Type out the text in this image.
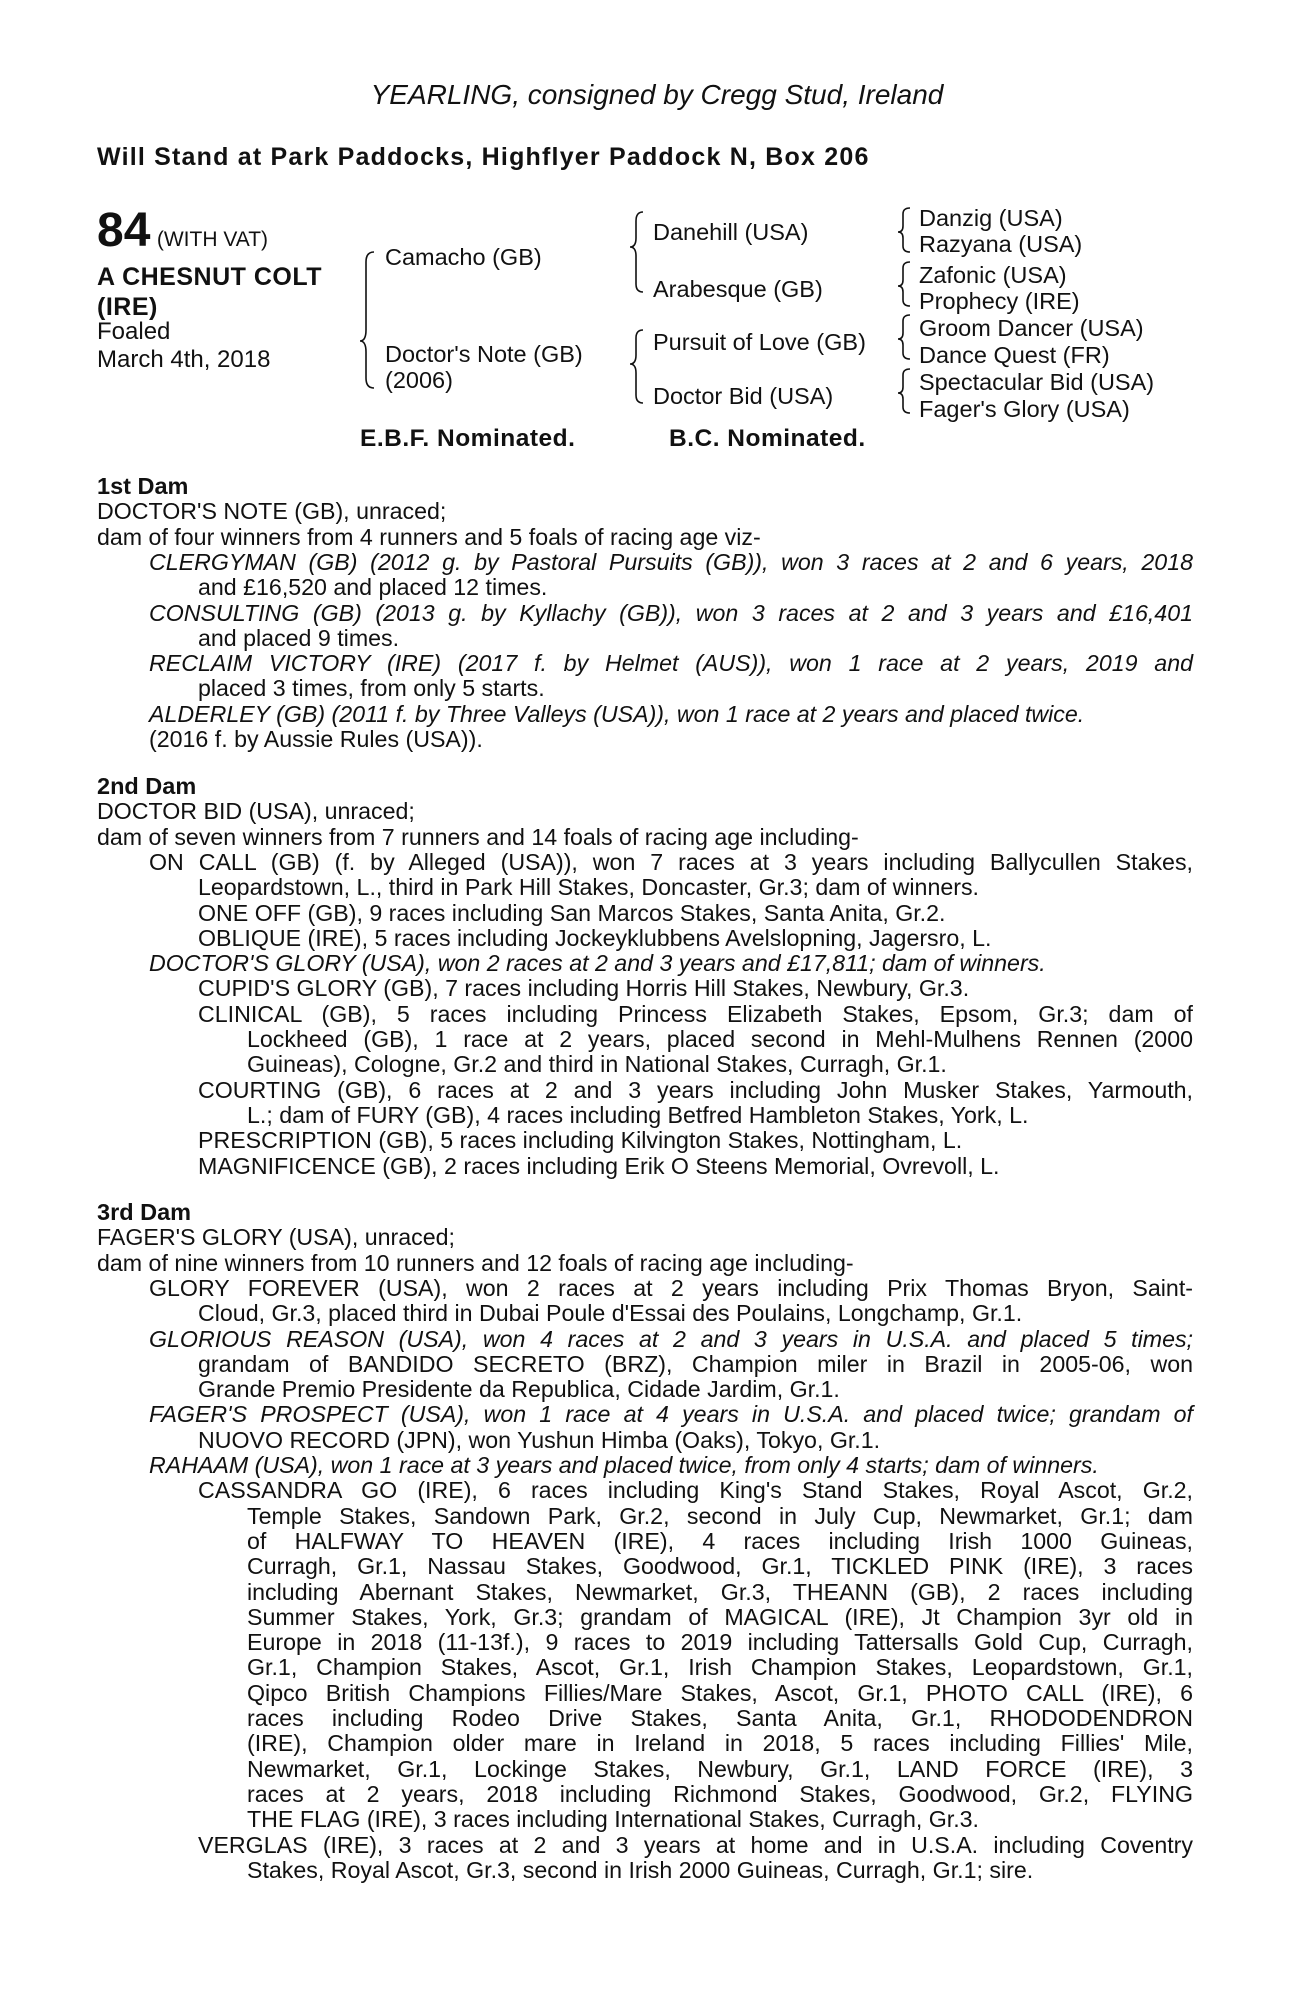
YEARLING, consigned by Cregg Stud, Ireland
Will Stand at Park Paddocks, Highflyer Paddock N, Box 206
84 (WITH VAT)
A CHESNUT COLT
(IRE)
Foaled
March 4th, 2018
Camacho (GB)
Doctor's Note (GB)
(2006)
Danehill (USA)
Arabesque (GB)
Pursuit of Love (GB)
Doctor Bid (USA)
Danzig (USA)
Razyana (USA)
Zafonic (USA)
Prophecy (IRE)
Groom Dancer (USA)
Dance Quest (FR)
Spectacular Bid (USA)
Fager's Glory (USA)
E.B.F. Nominated.	B.C. Nominated.
1st Dam
DOCTOR'S NOTE (GB), unraced;
dam of four winners from 4 runners and 5 foals of racing age viz-
CLERGYMAN (GB) (2012 g. by Pastoral Pursuits (GB)), won 3 races at 2 and 6 years, 2018
and £16,520 and placed 12 times.
CONSULTING (GB) (2013 g. by Kyllachy (GB)), won 3 races at 2 and 3 years and £16,401
and placed 9 times.
RECLAIM VICTORY (IRE) (2017 f. by Helmet (AUS)), won 1 race at 2 years, 2019 and
placed 3 times, from only 5 starts.
ALDERLEY (GB) (2011 f. by Three Valleys (USA)), won 1 race at 2 years and placed twice.
(2016 f. by Aussie Rules (USA)).
2nd Dam
DOCTOR BID (USA), unraced;
dam of seven winners from 7 runners and 14 foals of racing age including-
ON CALL (GB) (f. by Alleged (USA)), won 7 races at 3 years including Ballycullen Stakes,
Leopardstown, L., third in Park Hill Stakes, Doncaster, Gr.3; dam of winners.
ONE OFF (GB), 9 races including San Marcos Stakes, Santa Anita, Gr.2.
OBLIQUE (IRE), 5 races including Jockeyklubbens Avelslopning, Jagersro, L.
DOCTOR'S GLORY (USA), won 2 races at 2 and 3 years and £17,811; dam of winners.
CUPID'S GLORY (GB), 7 races including Horris Hill Stakes, Newbury, Gr.3.
CLINICAL (GB), 5 races including Princess Elizabeth Stakes, Epsom, Gr.3; dam of
Lockheed (GB), 1 race at 2 years, placed second in Mehl-Mulhens Rennen (2000
Guineas), Cologne, Gr.2 and third in National Stakes, Curragh, Gr.1.
COURTING (GB), 6 races at 2 and 3 years including John Musker Stakes, Yarmouth,
L.; dam of FURY (GB), 4 races including Betfred Hambleton Stakes, York, L.
PRESCRIPTION (GB), 5 races including Kilvington Stakes, Nottingham, L.
MAGNIFICENCE (GB), 2 races including Erik O Steens Memorial, Ovrevoll, L.
3rd Dam
FAGER'S GLORY (USA), unraced;
dam of nine winners from 10 runners and 12 foals of racing age including-
GLORY FOREVER (USA), won 2 races at 2 years including Prix Thomas Bryon, Saint-
Cloud, Gr.3, placed third in Dubai Poule d'Essai des Poulains, Longchamp, Gr.1.
GLORIOUS REASON (USA), won 4 races at 2 and 3 years in U.S.A. and placed 5 times;
grandam of BANDIDO SECRETO (BRZ), Champion miler in Brazil in 2005-06, won
Grande Premio Presidente da Republica, Cidade Jardim, Gr.1.
FAGER'S PROSPECT (USA), won 1 race at 4 years in U.S.A. and placed twice; grandam of
NUOVO RECORD (JPN), won Yushun Himba (Oaks), Tokyo, Gr.1.
RAHAAM (USA), won 1 race at 3 years and placed twice, from only 4 starts; dam of winners.
CASSANDRA GO (IRE), 6 races including King's Stand Stakes, Royal Ascot, Gr.2,
Temple Stakes, Sandown Park, Gr.2, second in July Cup, Newmarket, Gr.1; dam
of HALFWAY TO HEAVEN (IRE), 4 races including Irish 1000 Guineas,
Curragh, Gr.1, Nassau Stakes, Goodwood, Gr.1, TICKLED PINK (IRE), 3 races
including Abernant Stakes, Newmarket, Gr.3, THEANN (GB), 2 races including
Summer Stakes, York, Gr.3; grandam of MAGICAL (IRE), Jt Champion 3yr old in
Europe in 2018 (11-13f.), 9 races to 2019 including Tattersalls Gold Cup, Curragh,
Gr.1, Champion Stakes, Ascot, Gr.1, Irish Champion Stakes, Leopardstown, Gr.1,
Qipco British Champions Fillies/Mare Stakes, Ascot, Gr.1, PHOTO CALL (IRE), 6
races including Rodeo Drive Stakes, Santa Anita, Gr.1, RHODODENDRON
(IRE), Champion older mare in Ireland in 2018, 5 races including Fillies' Mile,
Newmarket, Gr.1, Lockinge Stakes, Newbury, Gr.1, LAND FORCE (IRE), 3
races at 2 years, 2018 including Richmond Stakes, Goodwood, Gr.2, FLYING
THE FLAG (IRE), 3 races including International Stakes, Curragh, Gr.3.
VERGLAS (IRE), 3 races at 2 and 3 years at home and in U.S.A. including Coventry
Stakes, Royal Ascot, Gr.3, second in Irish 2000 Guineas, Curragh, Gr.1; sire.
